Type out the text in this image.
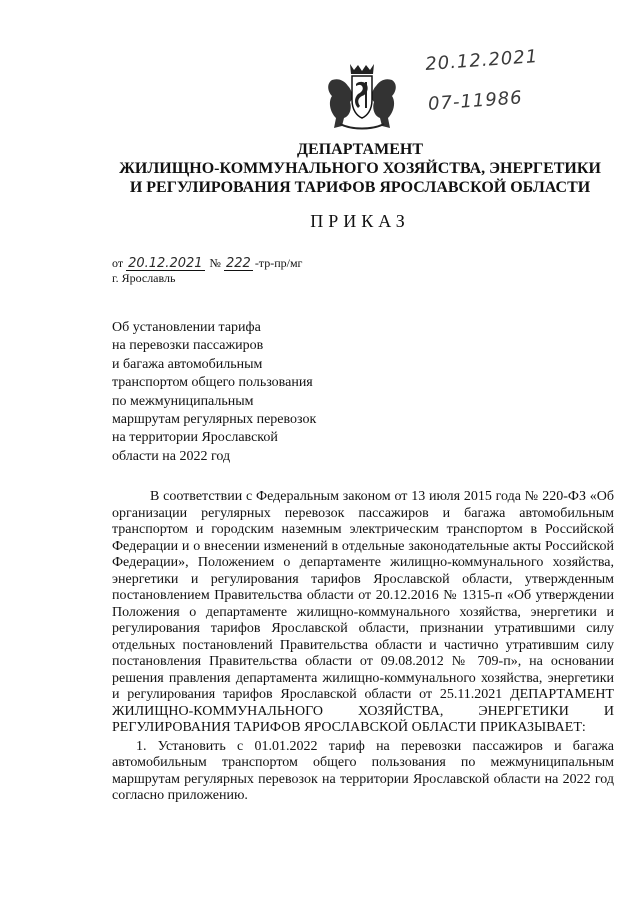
20.12.2021
07-11986
ДЕПАРТАМЕНТ
ЖИЛИЩНО-КОММУНАЛЬНОГО ХОЗЯЙСТВА, ЭНЕРГЕТИКИ
И РЕГУЛИРОВАНИЯ ТАРИФОВ ЯРОСЛАВСКОЙ ОБЛАСТИ
ПРИКАЗ
от 20.12.2021 № 222 -тр-пр/мг
г. Ярославль
Об установлении тарифа
на перевозки пассажиров
и багажа автомобильным
транспортом общего пользования
по межмуниципальным
маршрутам регулярных перевозок
на территории Ярославской
области на 2022 год

В соответствии с Федеральным законом от 13 июля 2015 года № 220-ФЗ «Об организации регулярных перевозок пассажиров и багажа автомобильным транспортом и городским наземным электрическим транспортом в Российской Федерации и о внесении изменений в отдельные законодательные акты Российской Федерации», Положением о департаменте жилищно-коммунального хозяйства, энергетики и регулирования тарифов Ярославской области, утвержденным постановлением Правительства области от 20.12.2016 № 1315-п «Об утверждении Положения о департаменте жилищно-коммунального хозяйства, энергетики и регулирования тарифов Ярославской области, признании утратившими силу отдельных постановлений Правительства области и частично утратившим силу постановления Правительства области от 09.08.2012 № 709-п», на основании решения правления департамента жилищно-коммунального хозяйства, энергетики и регулирования тарифов Ярославской области от 25.11.2021 ДЕПАРТАМЕНТ ЖИЛИЩНО-КОММУНАЛЬНОГО ХОЗЯЙСТВА, ЭНЕРГЕТИКИ И РЕГУЛИРОВАНИЯ ТАРИФОВ ЯРОСЛАВСКОЙ ОБЛАСТИ ПРИКАЗЫВАЕТ:

1. Установить с 01.01.2022 тариф на перевозки пассажиров и багажа автомобильным транспортом общего пользования по межмуниципальным маршрутам регулярных перевозок на территории Ярославской области на 2022 год согласно приложению.
